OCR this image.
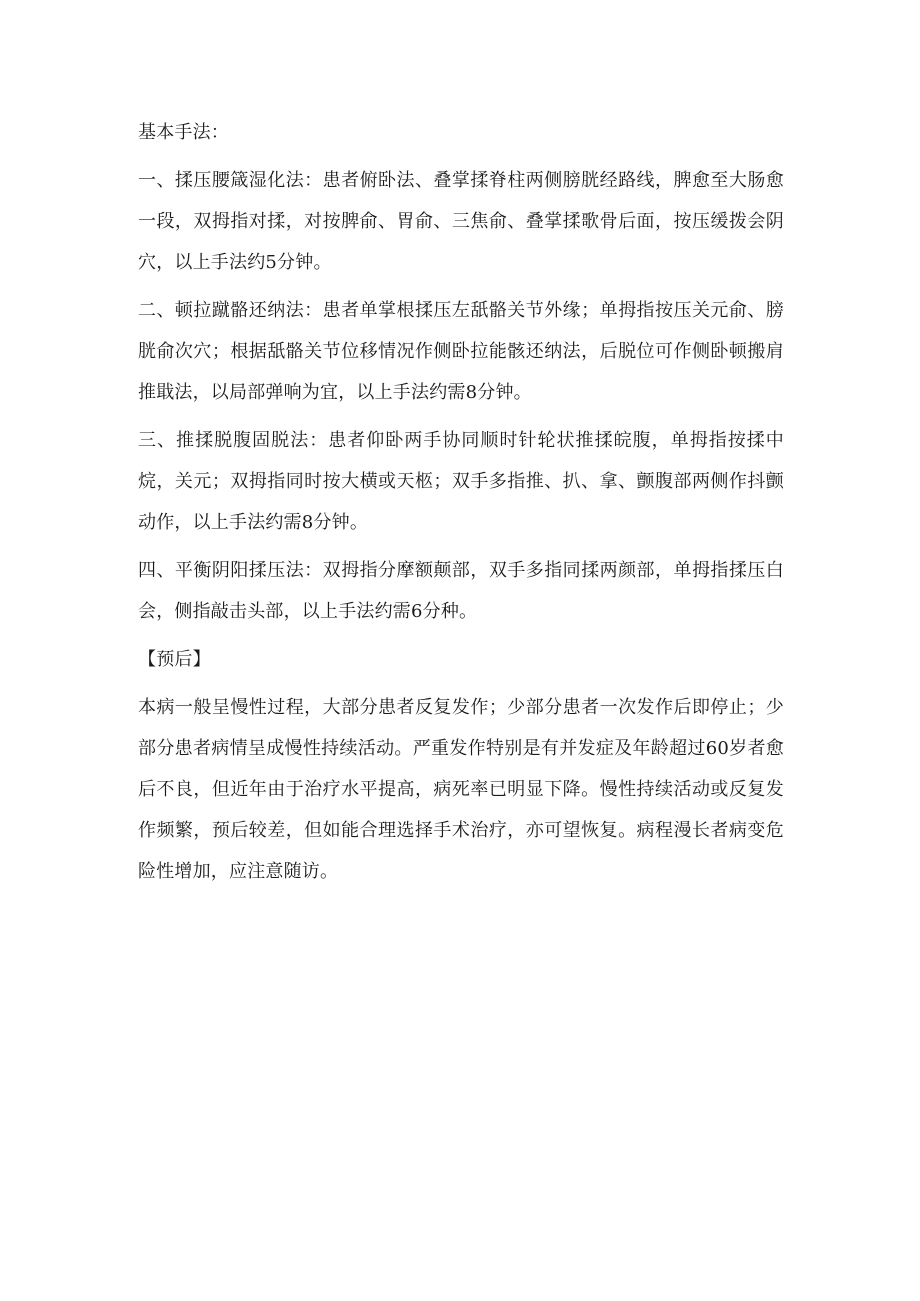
基本手法：

一、揉压腰箴湿化法：患者俯卧法、叠掌揉脊柱两侧膀胱经路线，脾愈至大肠愈一段，双拇指对揉，对按脾俞、胃俞、三焦俞、叠掌揉歌骨后面，按压缓拨会阴穴，以上手法约5分钟。

二、顿拉蹴骼还纳法：患者单掌根揉压左舐骼关节外缘；单拇指按压关元俞、膀胱俞次穴；根据舐骼关节位移情况作侧卧拉能骸还纳法，后脱位可作侧卧顿搬肩推戢法，以局部弹响为宜，以上手法约需8分钟。

三、推揉脱腹固脱法：患者仰卧两手协同顺时针轮状推揉皖腹，单拇指按揉中烷，关元；双拇指同时按大横或天柩；双手多指推、扒、拿、颤腹部两侧作抖颤动作，以上手法约需8分钟。

四、平衡阴阳揉压法：双拇指分摩额颠部，双手多指同揉两颜部，单拇指揉压白会，侧指敲击头部，以上手法约需6分种。

【预后】

本病一般呈慢性过程，大部分患者反复发作；少部分患者一次发作后即停止；少部分患者病情呈成慢性持续活动。严重发作特别是有并发症及年龄超过60岁者愈后不良，但近年由于治疗水平提高，病死率已明显下降。慢性持续活动或反复发作频繁，预后较差，但如能合理选择手术治疗，亦可望恢复。病程漫长者病变危险性增加，应注意随访。
